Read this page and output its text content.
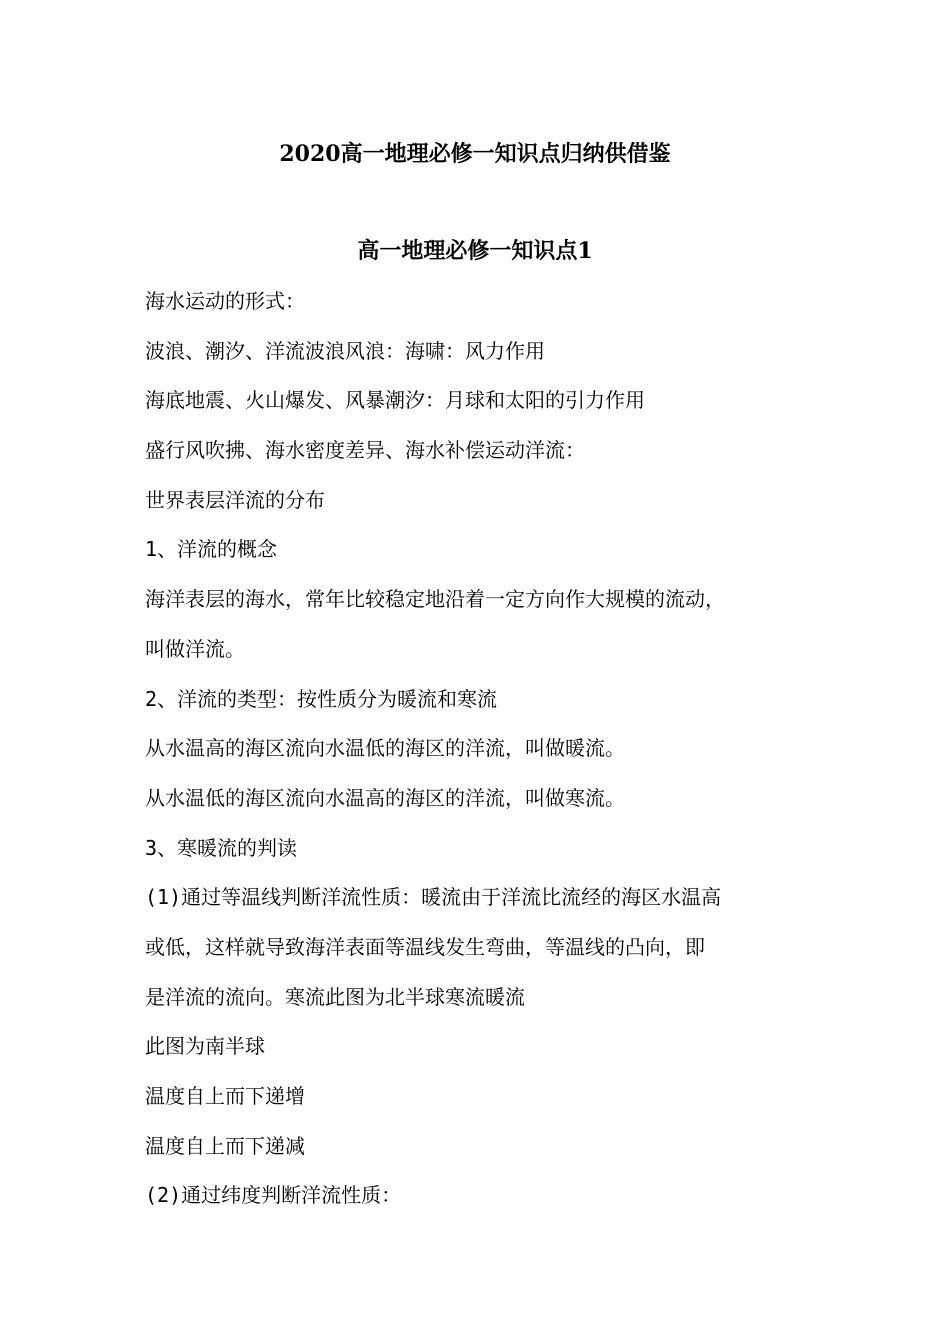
2020高一地理必修一知识点归纳供借鉴
高一地理必修一知识点1
海水运动的形式：
波浪、潮汐、洋流波浪风浪：海啸：风力作用
海底地震、火山爆发、风暴潮汐：月球和太阳的引力作用
盛行风吹拂、海水密度差异、海水补偿运动洋流：
世界表层洋流的分布
1、洋流的概念
海洋表层的海水，常年比较稳定地沿着一定方向作大规模的流动，
叫做洋流。
2、洋流的类型：按性质分为暖流和寒流
从水温高的海区流向水温低的海区的洋流，叫做暖流。
从水温低的海区流向水温高的海区的洋流，叫做寒流。
3、寒暖流的判读
(1)通过等温线判断洋流性质：暖流由于洋流比流经的海区水温高
或低，这样就导致海洋表面等温线发生弯曲，等温线的凸向，即
是洋流的流向。寒流此图为北半球寒流暖流
此图为南半球
温度自上而下递增
温度自上而下递减
(2)通过纬度判断洋流性质：
